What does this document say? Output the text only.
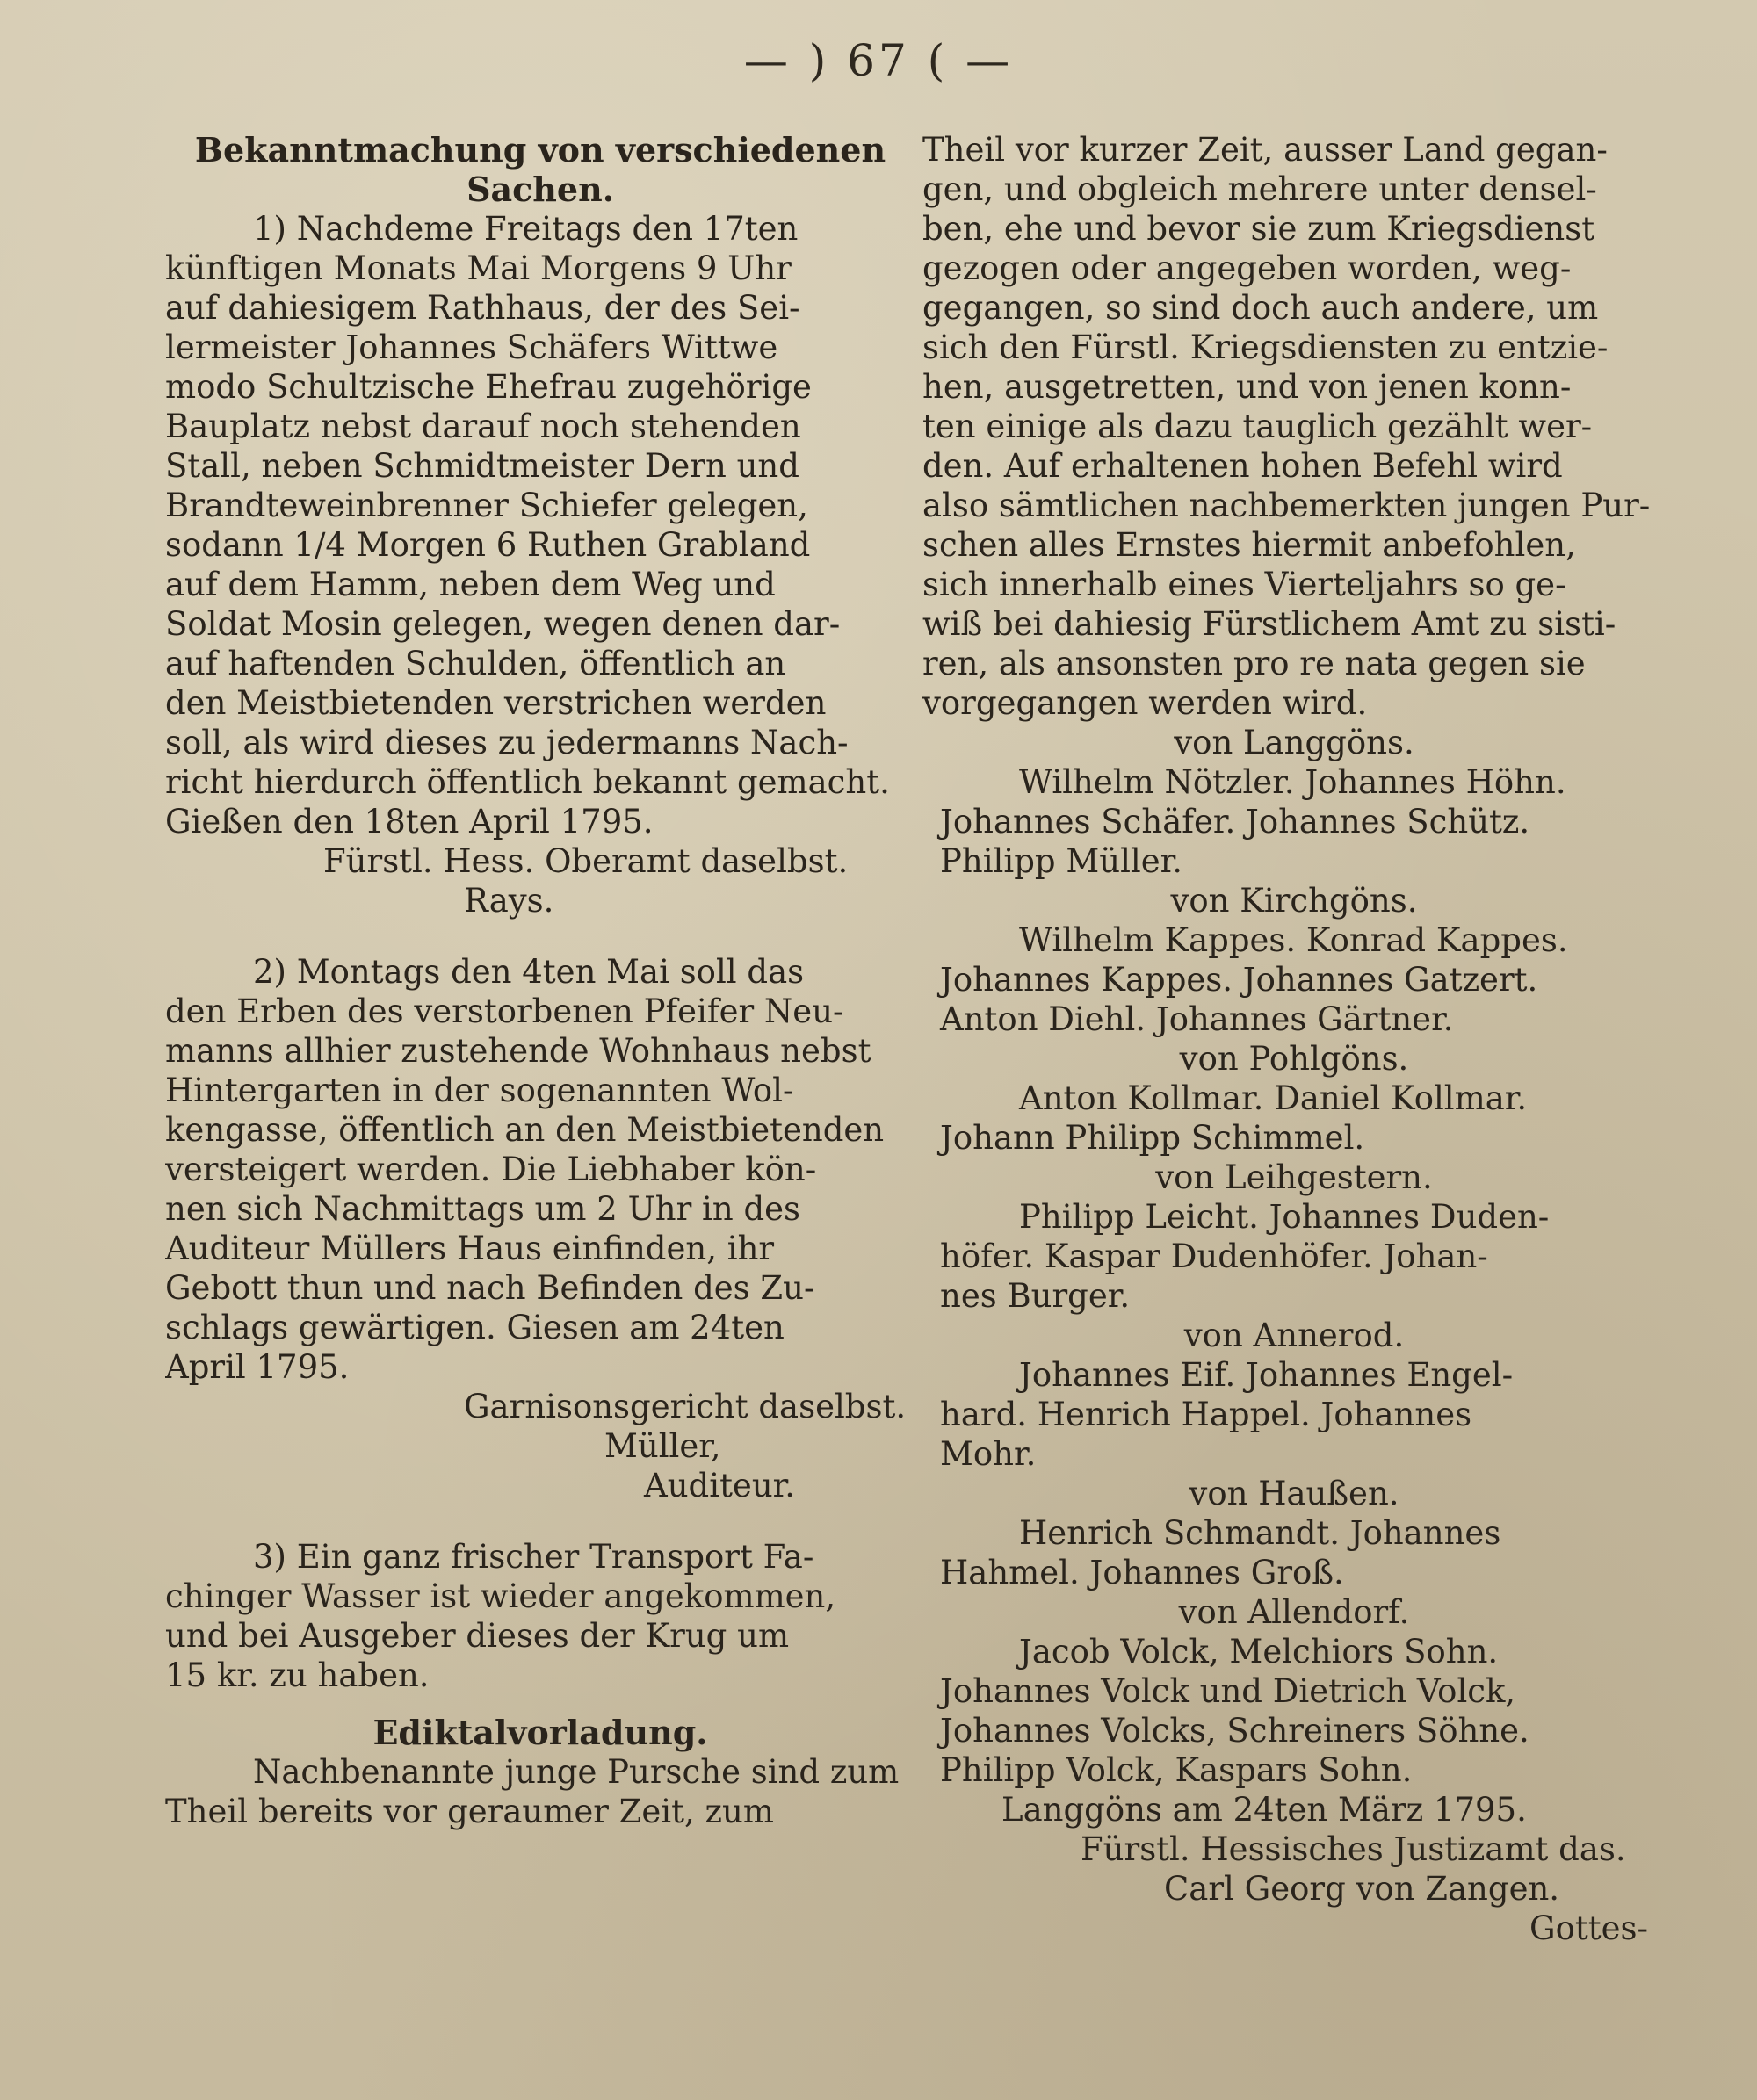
— ) 67 ( —
Bekanntmachung von verschiedenen
Sachen.
1) Nachdeme Freitags den 17ten
künftigen Monats Mai Morgens 9 Uhr
auf dahiesigem Rathhaus, der des Sei-
lermeister Johannes Schäfers Wittwe
modo Schultzische Ehefrau zugehörige
Bauplatz nebst darauf noch stehenden
Stall, neben Schmidtmeister Dern und
Brandteweinbrenner Schiefer gelegen,
sodann 1/4 Morgen 6 Ruthen Grabland
auf dem Hamm, neben dem Weg und
Soldat Mosin gelegen, wegen denen dar-
auf haftenden Schulden, öffentlich an
den Meistbietenden verstrichen werden
soll, als wird dieses zu jedermanns Nach-
richt hierdurch öffentlich bekannt gemacht.
Gießen den 18ten April 1795.
Fürstl. Hess. Oberamt daselbst.
Rays.
2) Montags den 4ten Mai soll das
den Erben des verstorbenen Pfeifer Neu-
manns allhier zustehende Wohnhaus nebst
Hintergarten in der sogenannten Wol-
kengasse, öffentlich an den Meistbietenden
versteigert werden. Die Liebhaber kön-
nen sich Nachmittags um 2 Uhr in des
Auditeur Müllers Haus einfinden, ihr
Gebott thun und nach Befinden des Zu-
schlags gewärtigen. Giesen am 24ten
April 1795.
Garnisonsgericht daselbst.
Müller,
Auditeur.
3) Ein ganz frischer Transport Fa-
chinger Wasser ist wieder angekommen,
und bei Ausgeber dieses der Krug um
15 kr. zu haben.
Ediktalvorladung.
Nachbenannte junge Pursche sind zum
Theil bereits vor geraumer Zeit, zum
Theil vor kurzer Zeit, ausser Land gegan-
gen, und obgleich mehrere unter densel-
ben, ehe und bevor sie zum Kriegsdienst
gezogen oder angegeben worden, weg-
gegangen, so sind doch auch andere, um
sich den Fürstl. Kriegsdiensten zu entzie-
hen, ausgetretten, und von jenen konn-
ten einige als dazu tauglich gezählt wer-
den. Auf erhaltenen hohen Befehl wird
also sämtlichen nachbemerkten jungen Pur-
schen alles Ernstes hiermit anbefohlen,
sich innerhalb eines Vierteljahrs so ge-
wiß bei dahiesig Fürstlichem Amt zu sisti-
ren, als ansonsten pro re nata gegen sie
vorgegangen werden wird.
von Langgöns.
Wilhelm Nötzler. Johannes Höhn.
Johannes Schäfer. Johannes Schütz.
Philipp Müller.
von Kirchgöns.
Wilhelm Kappes. Konrad Kappes.
Johannes Kappes. Johannes Gatzert.
Anton Diehl. Johannes Gärtner.
von Pohlgöns.
Anton Kollmar. Daniel Kollmar.
Johann Philipp Schimmel.
von Leihgestern.
Philipp Leicht. Johannes Duden-
höfer. Kaspar Dudenhöfer. Johan-
nes Burger.
von Annerod.
Johannes Eif. Johannes Engel-
hard. Henrich Happel. Johannes
Mohr.
von Haußen.
Henrich Schmandt. Johannes
Hahmel. Johannes Groß.
von Allendorf.
Jacob Volck, Melchiors Sohn.
Johannes Volck und Dietrich Volck,
Johannes Volcks, Schreiners Söhne.
Philipp Volck, Kaspars Sohn.
Langgöns am 24ten März 1795.
Fürstl. Hessisches Justizamt das.
Carl Georg von Zangen.
Gottes-
